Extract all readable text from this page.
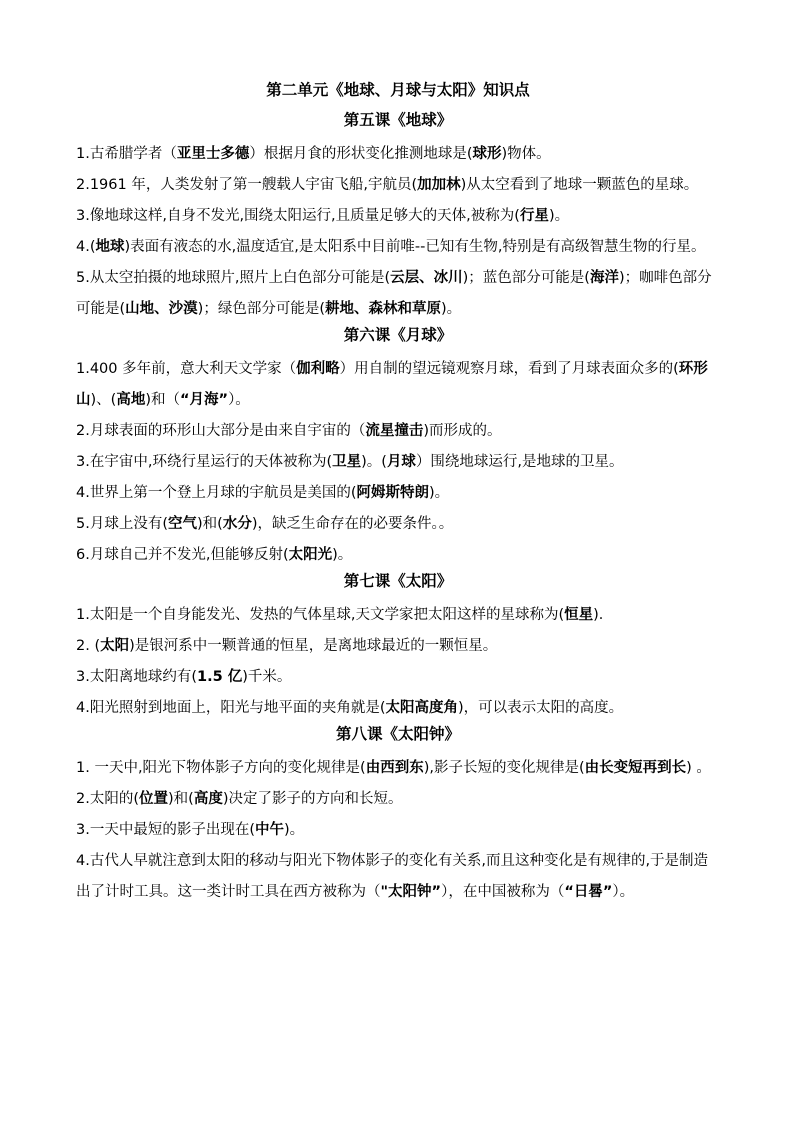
第二单元《地球、月球与太阳》知识点
第五课《地球》

1.古希腊学者（亚里士多德）根据月食的形状变化推测地球是(球形)物体。

2.1961 年，人类发射了第一艘载人宇宙飞船,宇航员(加加林)从太空看到了地球一颗蓝色的星球。

3.像地球这样,自身不发光,围绕太阳运行,且质量足够大的天体,被称为(行星)。

4.(地球)表面有液态的水,温度适宜,是太阳系中目前唯--已知有生物,特别是有高级智慧生物的行星。

5.从太空拍摄的地球照片,照片上白色部分可能是(云层、冰川)；蓝色部分可能是(海洋)；咖啡色部分可能是(山地、沙漠)；绿色部分可能是(耕地、森林和草原)。

第六课《月球》

1.400 多年前，意大利天文学家（伽利略）用自制的望远镜观察月球，看到了月球表面众多的(环形山)、(高地)和（“月海”）。

2.月球表面的环形山大部分是由来自宇宙的（流星撞击)而形成的。

3.在宇宙中,环绕行星运行的天体被称为(卫星)。(月球）围绕地球运行,是地球的卫星。

4.世界上第一个登上月球的宇航员是美国的(阿姆斯特朗)。

5.月球上没有(空气)和(水分)，缺乏生命存在的必要条件。。

6.月球自己并不发光,但能够反射(太阳光)。

第七课《太阳》

1.太阳是一个自身能发光、发热的气体星球,天文学家把太阳这样的星球称为(恒星)．

2. (太阳)是银河系中一颗普通的恒星，是离地球最近的一颗恒星。

3.太阳离地球约有(1.5 亿)千米。

4.阳光照射到地面上，阳光与地平面的夹角就是(太阳高度角)，可以表示太阳的高度。

第八课《太阳钟》

1. 一天中,阳光下物体影子方向的变化规律是(由西到东),影子长短的变化规律是(由长变短再到长) 。

2.太阳的(位置)和(高度)决定了影子的方向和长短。

3.一天中最短的影子出现在(中午)。

4.古代人早就注意到太阳的移动与阳光下物体影子的变化有关系,而且这种变化是有规律的,于是制造出了计时工具。这一类计时工具在西方被称为（"太阳钟”），在中国被称为（“日晷”）。
